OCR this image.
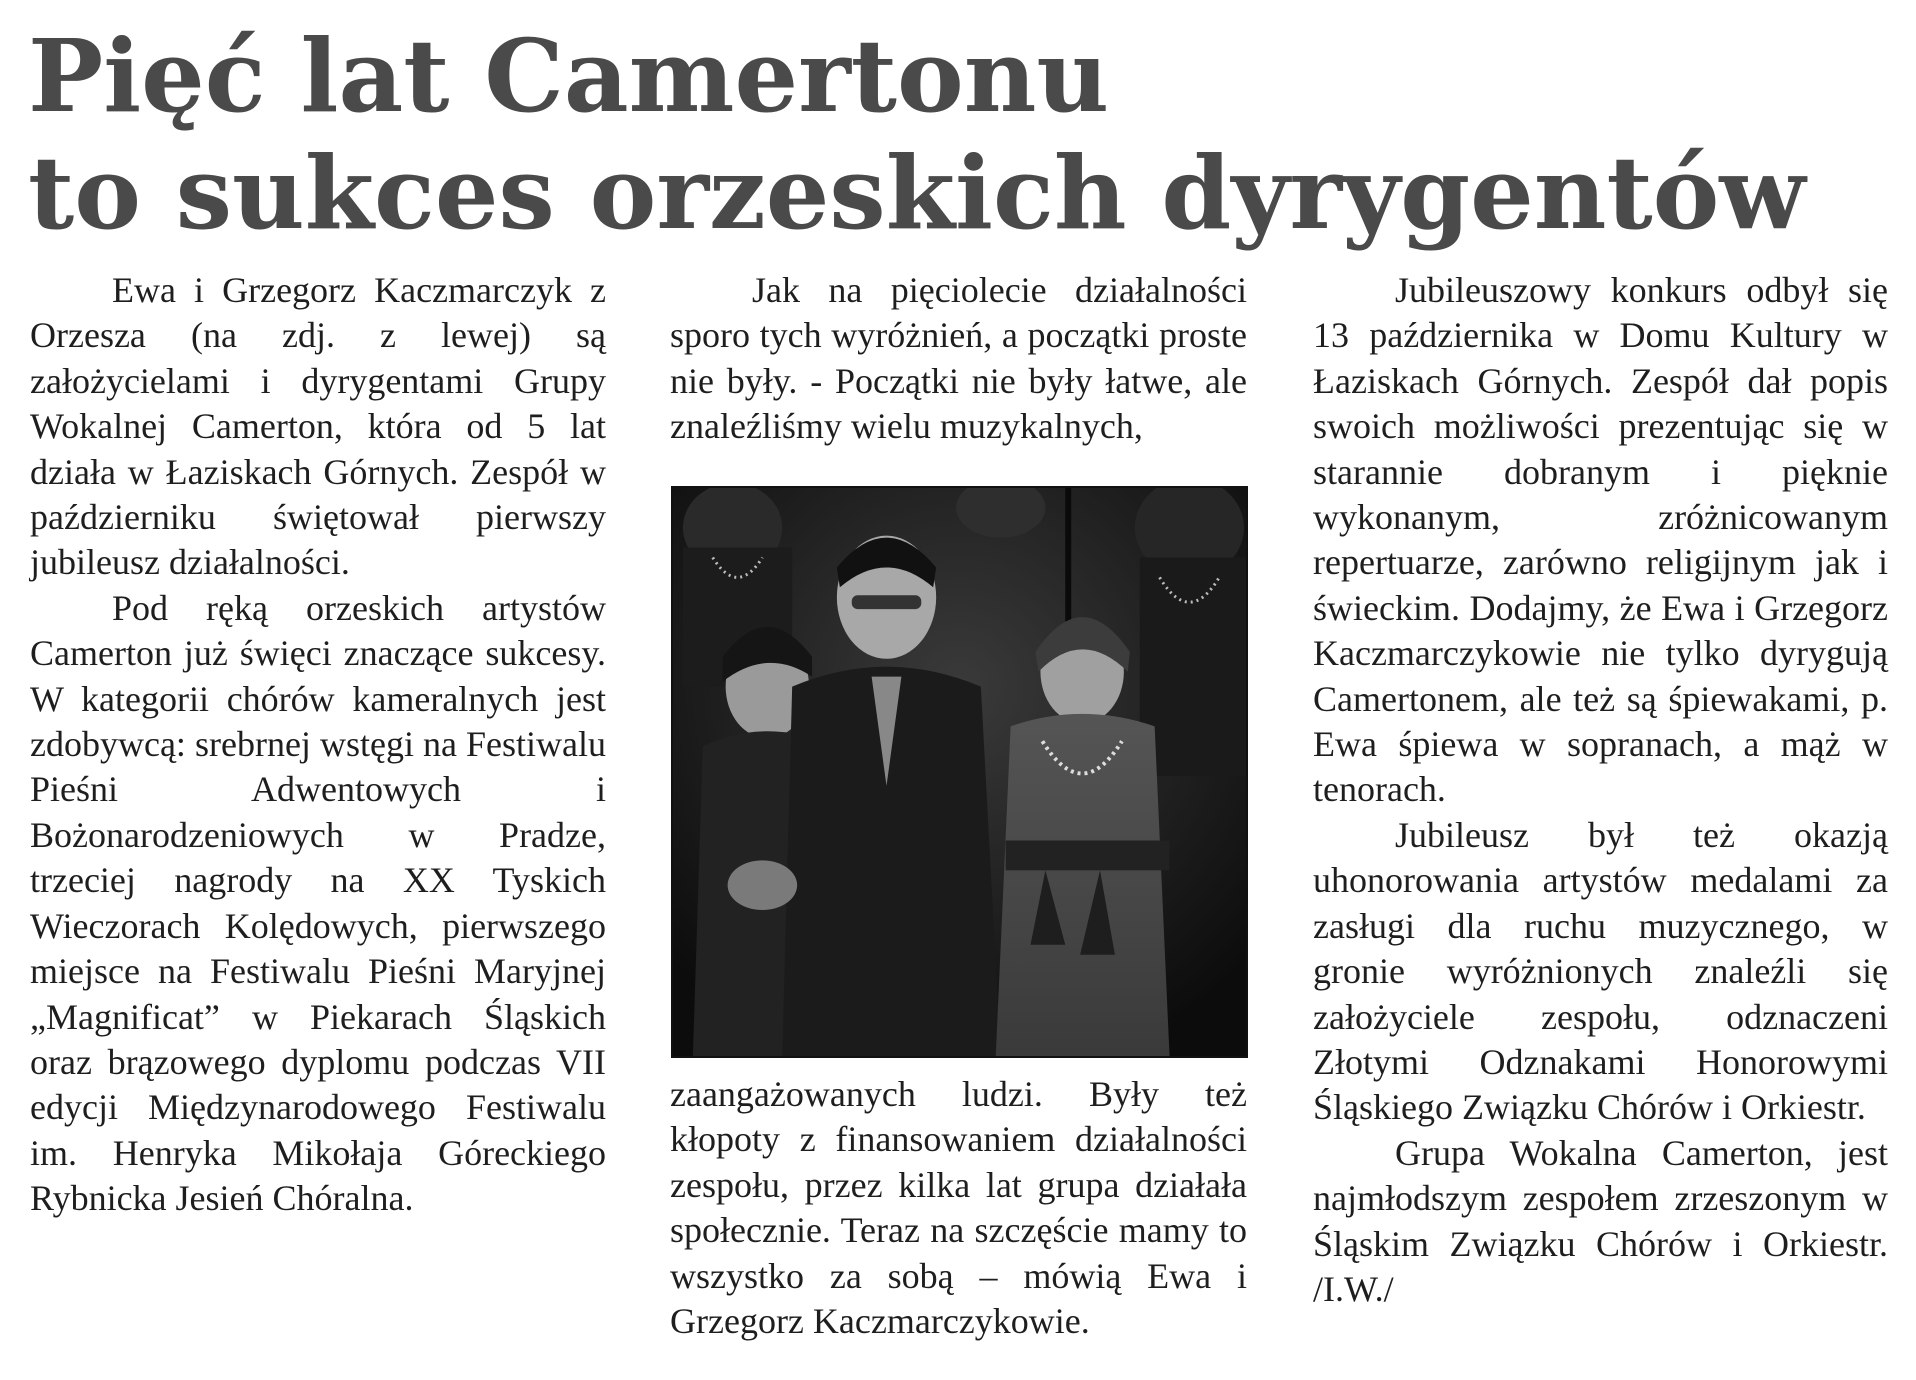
Pięć lat Camertonu
to sukces orzeskich dyrygentów

Ewa i Grzegorz Kaczmarczyk z Orzesza (na zdj. z lewej) są założycielami i dyrygentami Grupy Wokalnej Camerton, która od 5 lat działa w Łaziskach Górnych. Zespół w październiku świętował pierwszy jubileusz działalności.

Pod ręką orzeskich artystów Camerton już święci znaczące sukcesy. W kategorii chórów kameralnych jest zdobywcą: srebrnej wstęgi na Festiwalu Pieśni Adwentowych i Bożonarodzeniowych w Pradze, trzeciej nagrody na XX Tyskich Wieczorach Kolędowych, pierwszego miejsce na Festiwalu Pieśni Maryjnej „Magnificat” w Piekarach Śląskich oraz brązowego dyplomu podczas VII edycji Międzynarodowego Festiwalu im. Henryka Mikołaja Góreckiego Rybnicka Jesień Chóralna.

Jak na pięciolecie działalności sporo tych wyróżnień, a początki proste nie były. - Początki nie były łatwe, ale znaleźliśmy wielu muzykalnych,

zaangażowanych ludzi. Były też kłopoty z finansowaniem działalności zespołu, przez kilka lat grupa działała społecznie. Teraz na szczęście mamy to wszystko za sobą – mówią Ewa i Grzegorz Kaczmarczykowie.

Jubileuszowy konkurs odbył się 13 października w Domu Kultury w Łaziskach Górnych. Zespół dał popis swoich możliwości prezentując się w starannie dobranym i pięknie wykonanym, zróżnicowanym repertuarze, zarówno religijnym jak i świeckim. Dodajmy, że Ewa i Grzegorz Kaczmarczykowie nie tylko dyrygują Camertonem, ale też są śpiewakami, p. Ewa śpiewa w sopranach, a mąż w tenorach.

Jubileusz był też okazją uhonorowania artystów medalami za zasługi dla ruchu muzycznego, w gronie wyróżnionych znaleźli się założyciele zespołu, odznaczeni Złotymi Odznakami Honorowymi Śląskiego Związku Chórów i Orkiestr.

Grupa Wokalna Camerton, jest najmłodszym zespołem zrzeszonym w Śląskim Związku Chórów i Orkiestr. /I.W./
